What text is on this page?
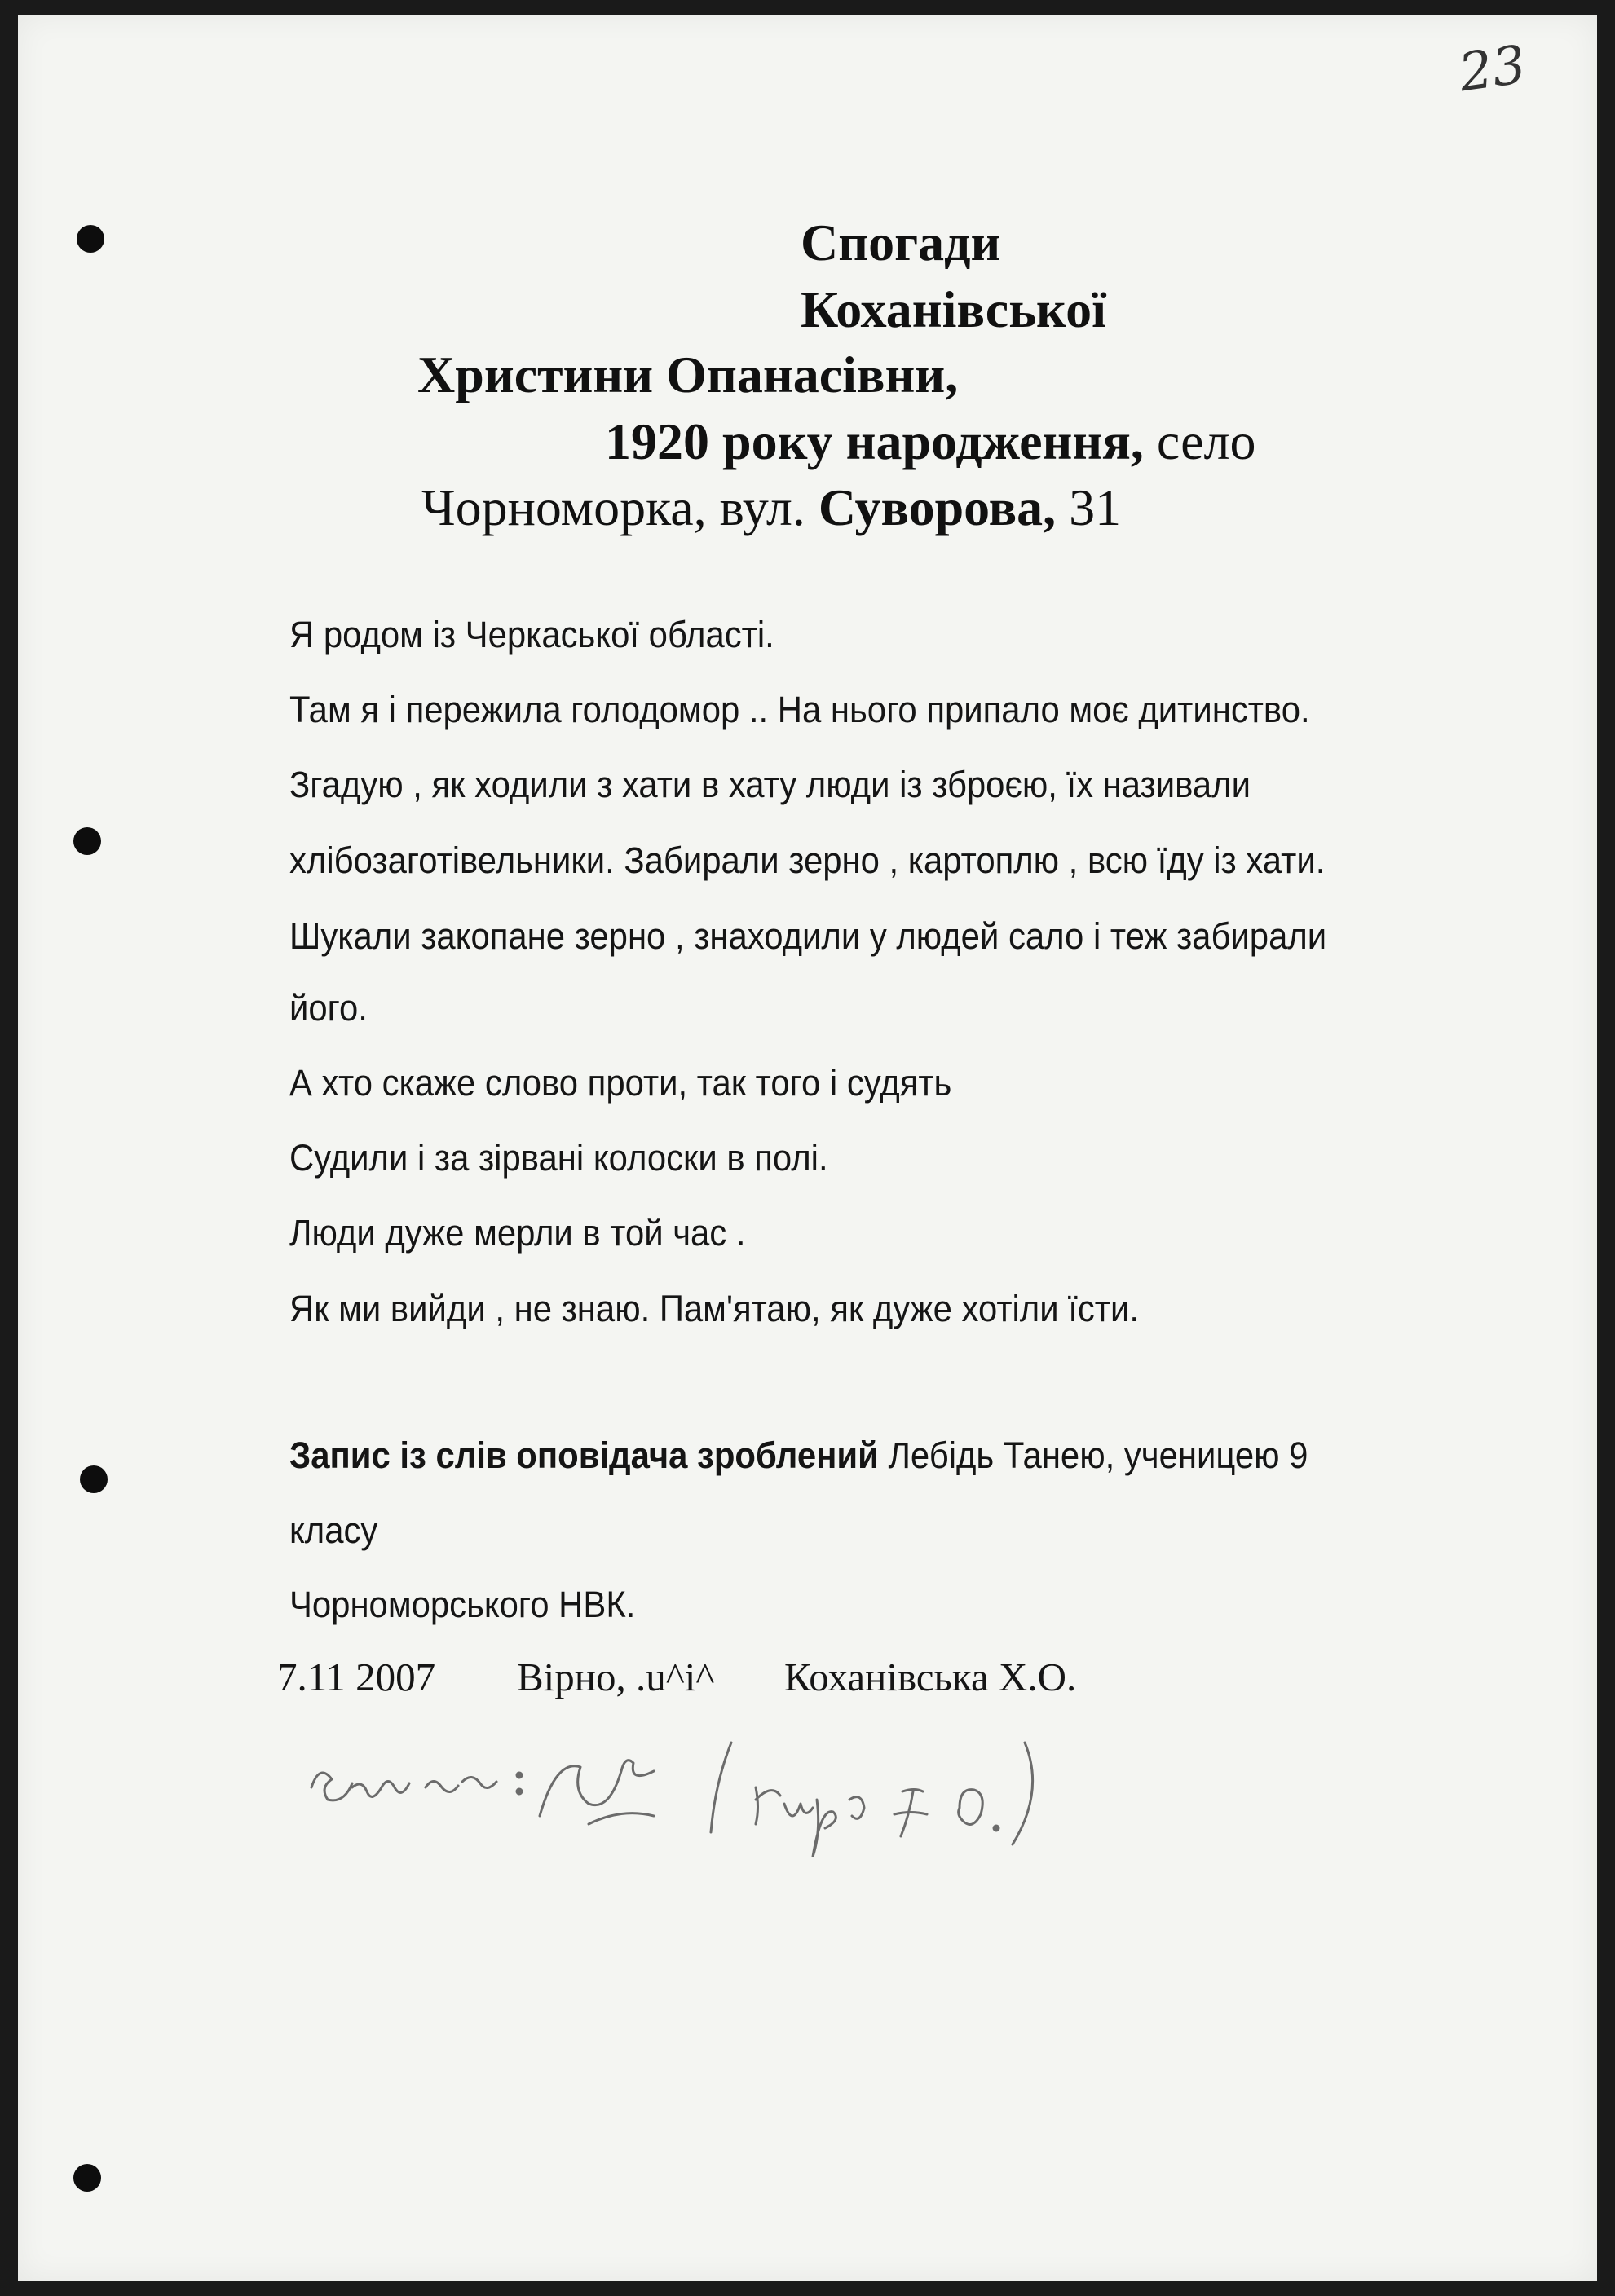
23

Спогади

Коханівської

Христини Опанасівни,

1920 року народження, село

Чорноморка, вул. Суворова, 31

Я родом із Черкаської області.

Там я і пережила голодомор .. На нього припало моє дитинство.

Згадую , як ходили з хати в хату люди із зброєю, їх називали

хлібозаготівельники. Забирали зерно , картоплю , всю їду із хати.

Шукали закопане зерно , знаходили у людей сало і теж забирали

його.

А хто скаже слово проти, так того і судять

Судили і за зірвані колоски в полі.

Люди дуже мерли в той час .

Як ми вийди , не знаю. Пам'ятаю, як дуже хотіли їсти.

Запис із слів оповідача зроблений Лебідь Танею, ученицею 9

класу

Чорноморського НВК.

7.11 2007 Вірно, .u^i^ Коханівська Х.О.
